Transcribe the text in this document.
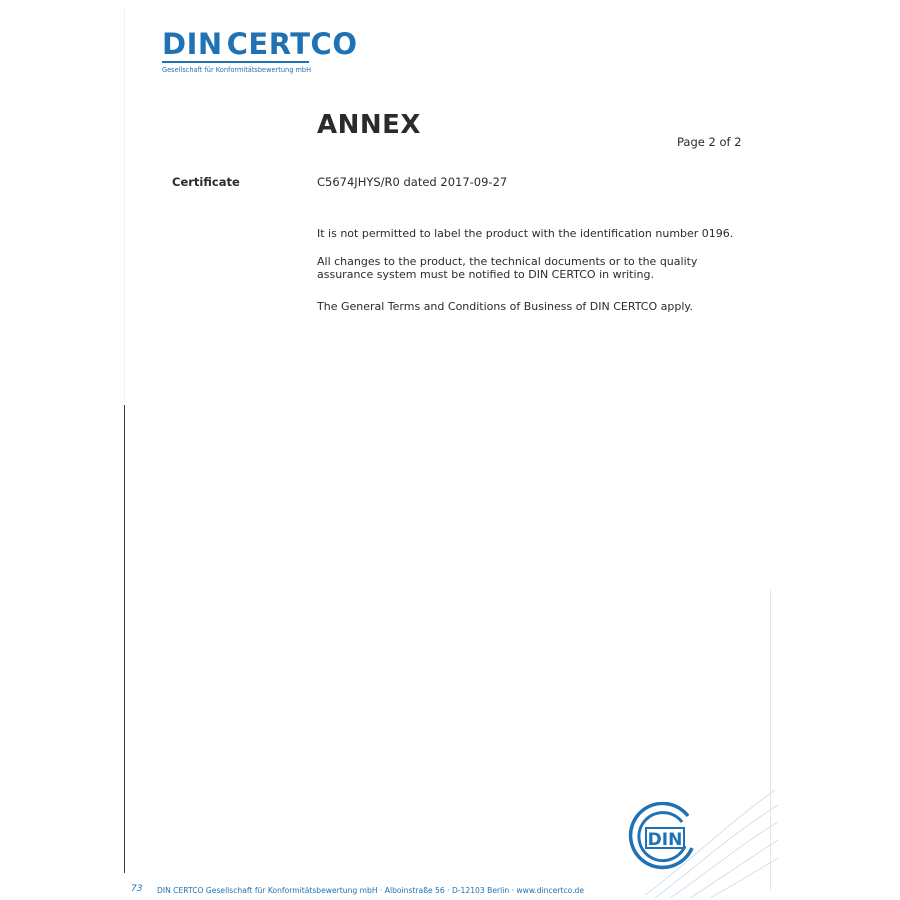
DIN CERTCO
Gesellschaft für Konformitätsbewertung mbH
ANNEX
Page 2 of 2
Certificate	C5674JHYS/R0 dated 2017-09-27
It is not permitted to label the product with the identification number 0196.
All changes to the product, the technical documents or to the quality assurance system must be notified to DIN CERTCO in writing.
The General Terms and Conditions of Business of DIN CERTCO apply.
DIN
73 DIN CERTCO Gesellschaft für Konformitätsbewertung mbH · Alboinstraße 56 · D-12103 Berlin · www.dincertco.de
